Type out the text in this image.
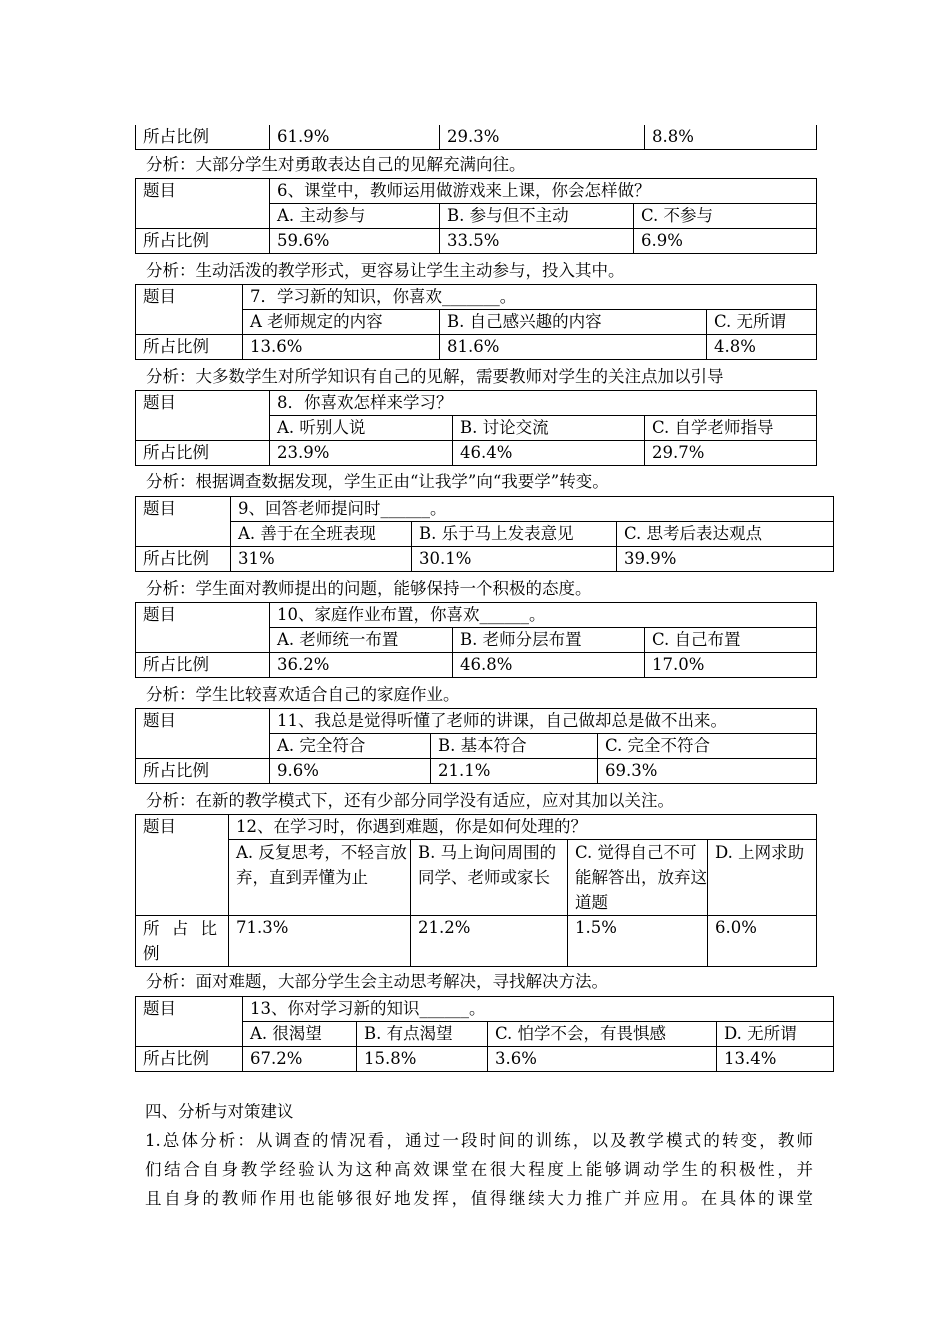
所占比例	61.9%	29.3%	8.8%
分析：大部分学生对勇敢表达自己的见解充满向往。
题目	6、课堂中，教师运用做游戏来上课，你会怎样做？		
	A. 主动参与	B. 参与但不主动	C. 不参与
所占比例	59.6%	33.5%	6.9%
分析：生动活泼的教学形式，更容易让学生主动参与，投入其中。
题目	7．学习新的知识，你喜欢_______。		
	A 老师规定的内容	B. 自己感兴趣的内容	C. 无所谓
所占比例	13.6%	81.6%	4.8%
分析：大多数学生对所学知识有自己的见解，需要教师对学生的关注点加以引导
题目	8．你喜欢怎样来学习？		
	A. 听别人说	B. 讨论交流	C. 自学老师指导
所占比例	23.9%	46.4%	29.7%
分析：根据调查数据发现，学生正由“让我学”向“我要学”转变。
题目	9、回答老师提问时______。		
	A. 善于在全班表现	B. 乐于马上发表意见	C. 思考后表达观点
所占比例	31%	30.1%	39.9%
分析：学生面对教师提出的问题，能够保持一个积极的态度。
题目	10、家庭作业布置，你喜欢______。		
	A. 老师统一布置	B. 老师分层布置	C. 自己布置
所占比例	36.2%	46.8%	17.0%
分析：学生比较喜欢适合自己的家庭作业。
题目	11、我总是觉得听懂了老师的讲课，自己做却总是做不出来。		
	A. 完全符合	B. 基本符合	C. 完全不符合
所占比例	9.6%	21.1%	69.3%
分析：在新的教学模式下，还有少部分同学没有适应，应对其加以关注。
题目	12、在学习时，你遇到难题，你是如何处理的？			
	A. 反复思考，不轻言放弃，直到弄懂为止	B. 马上询问周围的同学、老师或家长	C. 觉得自己不可能解答出，放弃这道题	D. 上网求助

所占比
例	71.3%	21.2%	1.5%	6.0%
分析：面对难题，大部分学生会主动思考解决，寻找解决方法。
题目	13、你对学习新的知识______。			
	A. 很渴望	B. 有点渴望	C. 怕学不会，有畏惧感	D. 无所谓
所占比例	67.2%	15.8%	3.6%	13.4%
四、分析与对策建议
1.总体分析：从调查的情况看，通过一段时间的训练，以及教学模式的转变，教师
们结合自身教学经验认为这种高效课堂在很大程度上能够调动学生的积极性，并
且自身的教师作用也能够很好地发挥，值得继续大力推广并应用。在具体的课堂
